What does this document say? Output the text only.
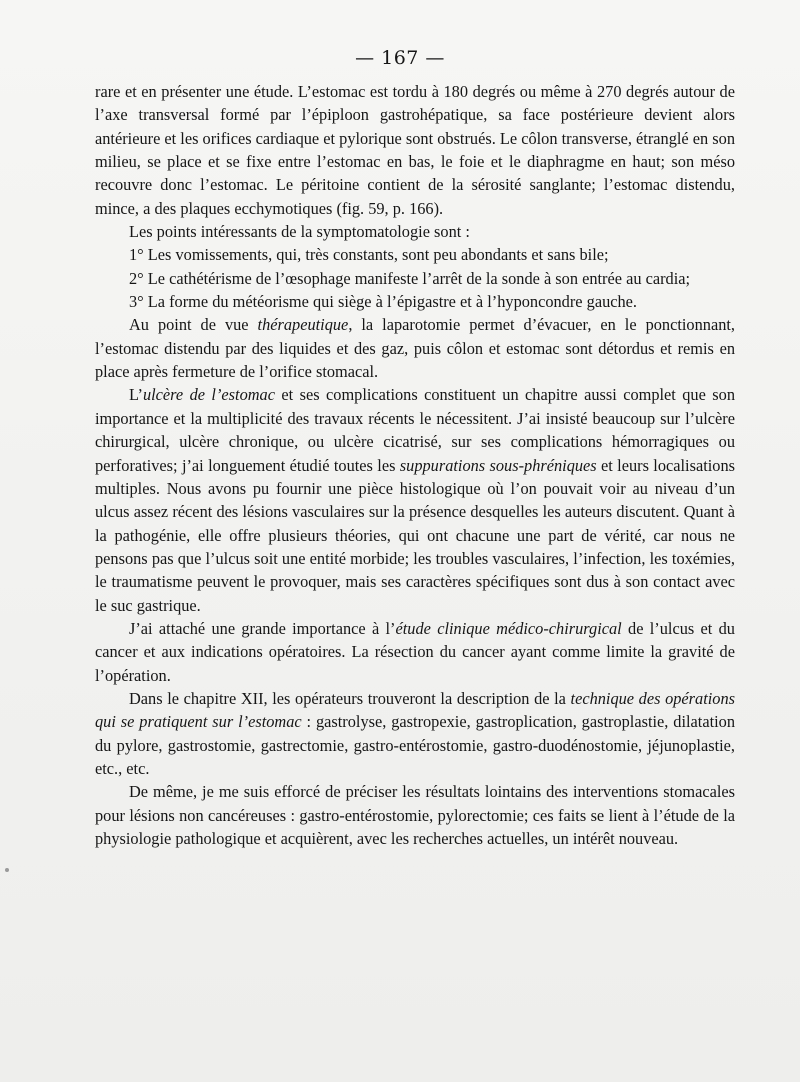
— 167 —

rare et en présenter une étude. L’estomac est tordu à 180 degrés ou même à 270 degrés autour de l’axe transversal formé par l’épiploon gastrohépatique, sa face postérieure devient alors antérieure et les orifices cardiaque et pylorique sont obstrués. Le côlon transverse, étranglé en son milieu, se place et se fixe entre l’estomac en bas, le foie et le diaphragme en haut; son méso recouvre donc l’estomac. Le péritoine contient de la sérosité sanglante; l’estomac distendu, mince, a des plaques ecchymotiques (fig. 59, p. 166).

Les points intéressants de la symptomatologie sont :

1° Les vomissements, qui, très constants, sont peu abondants et sans bile;

2° Le cathétérisme de l’œsophage manifeste l’arrêt de la sonde à son entrée au cardia;

3° La forme du météorisme qui siège à l’épigastre et à l’hyponcondre gauche.

Au point de vue thérapeutique, la laparotomie permet d’évacuer, en le ponctionnant, l’estomac distendu par des liquides et des gaz, puis côlon et estomac sont détordus et remis en place après fermeture de l’orifice stomacal.

L’ulcère de l’estomac et ses complications constituent un chapitre aussi complet que son importance et la multiplicité des travaux récents le nécessitent. J’ai insisté beaucoup sur l’ulcère chirurgical, ulcère chronique, ou ulcère cicatrisé, sur ses complications hémorragiques ou perforatives; j’ai longuement étudié toutes les suppurations sous-phréniques et leurs localisations multiples. Nous avons pu fournir une pièce histologique où l’on pouvait voir au niveau d’un ulcus assez récent des lésions vasculaires sur la présence desquelles les auteurs discutent. Quant à la pathogénie, elle offre plusieurs théories, qui ont chacune une part de vérité, car nous ne pensons pas que l’ulcus soit une entité morbide; les troubles vasculaires, l’infection, les toxémies, le traumatisme peuvent le provoquer, mais ses caractères spécifiques sont dus à son contact avec le suc gastrique.

J’ai attaché une grande importance à l’étude clinique médico-chirurgical de l’ulcus et du cancer et aux indications opératoires. La résection du cancer ayant comme limite la gravité de l’opération.

Dans le chapitre XII, les opérateurs trouveront la description de la technique des opérations qui se pratiquent sur l’estomac : gastrolyse, gastropexie, gastroplication, gastroplastie, dilatation du pylore, gastrostomie, gastrectomie, gastro-entérostomie, gastro-duodénostomie, jéjunoplastie, etc., etc.

De même, je me suis efforcé de préciser les résultats lointains des interventions stomacales pour lésions non cancéreuses : gastro-entérostomie, pylorectomie; ces faits se lient à l’étude de la physiologie pathologique et acquièrent, avec les recherches actuelles, un intérêt nouveau.
